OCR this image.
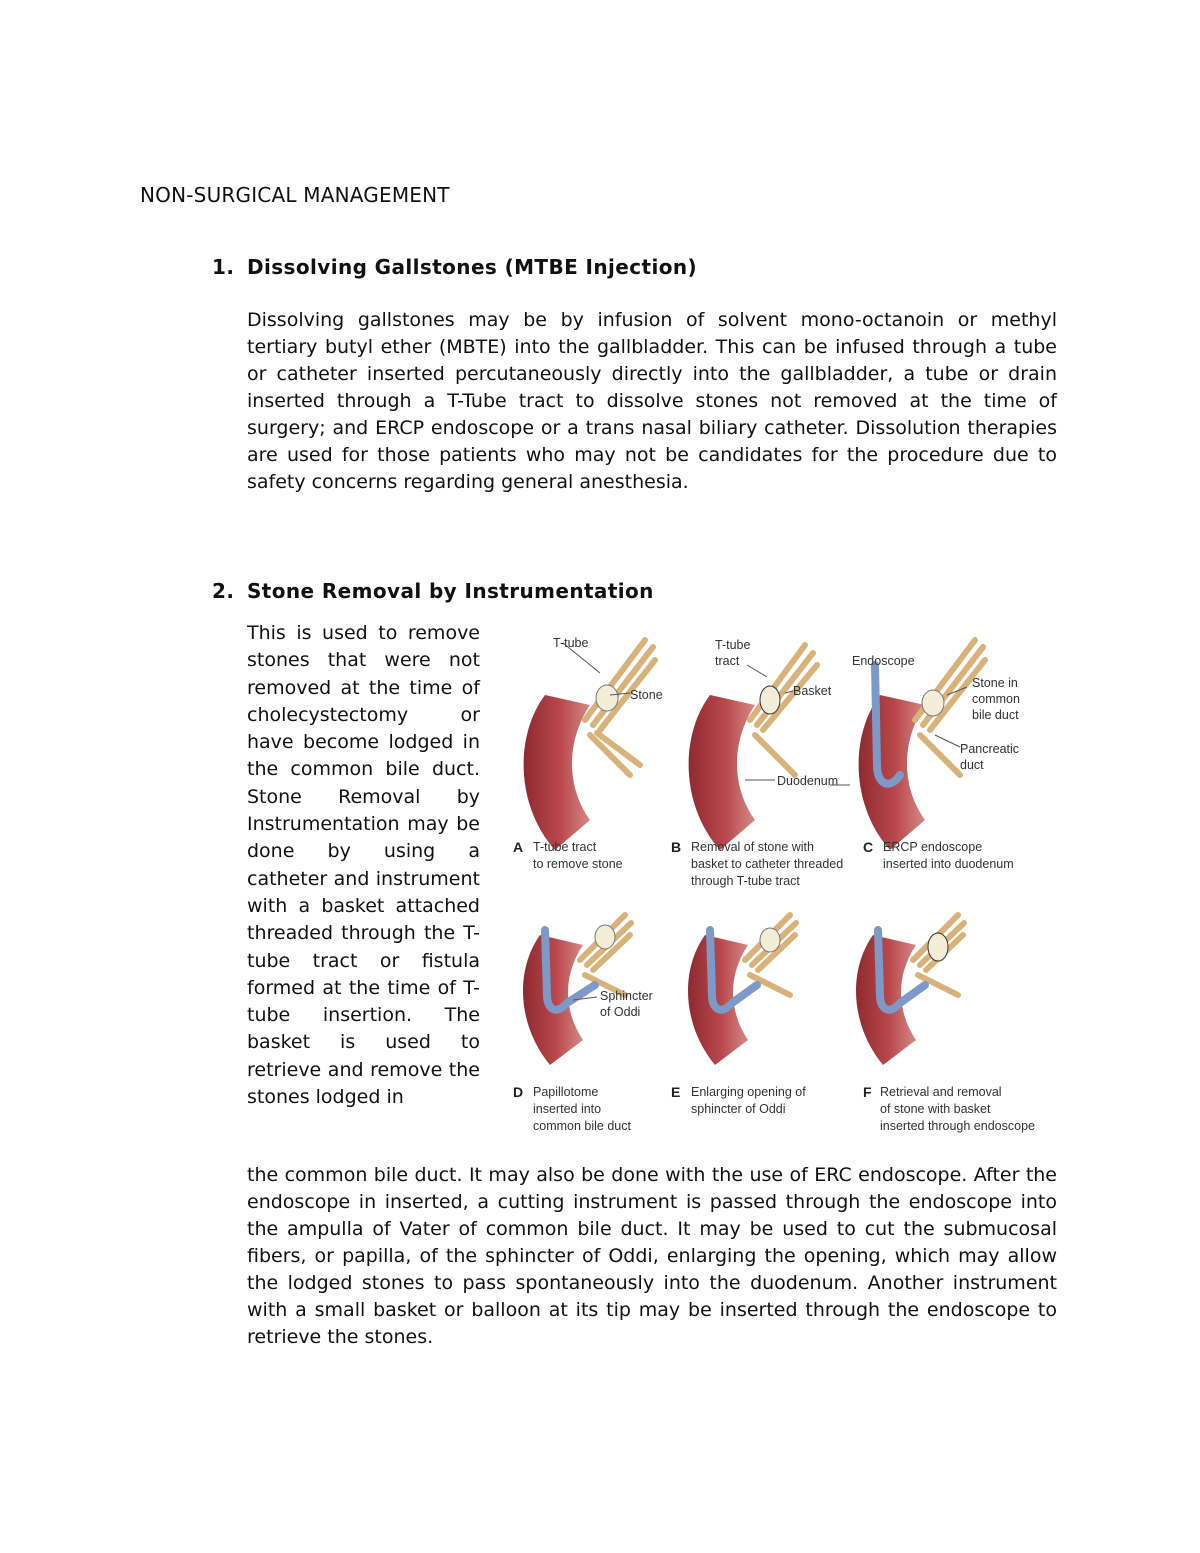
NON-SURGICAL MANAGEMENT
1. Dissolving Gallstones (MTBE Injection)

Dissolving gallstones may be by infusion of solvent mono-octanoin or methyl tertiary butyl ether (MBTE) into the gallbladder. This can be infused through a tube or catheter inserted percutaneously directly into the gallbladder, a tube or drain inserted through a T-Tube tract to dissolve stones not removed at the time of surgery; and ERCP endoscope or a trans nasal biliary catheter. Dissolution therapies are used for those patients who may not be candidates for the procedure due to safety concerns regarding general anesthesia.

2. Stone Removal by Instrumentation

This is used to remove stones that were not removed at the time of cholecystectomy or have become lodged in the common bile duct. Stone Removal by Instrumentation may be done by using a catheter and instrument with a basket attached threaded through the T-tube tract or fistula formed at the time of T-tube insertion. The basket is used to retrieve and remove the stones lodged in

T-tube
Stone
T-tube
tract
Basket
Duodenum
Endoscope
Stone in
common
bile duct
Pancreatic
duct
A T-tube tract
to remove stone
B Removal of stone with
basket to catheter threaded
through T-tube tract
C ERCP endoscope
inserted into duodenum
Sphincter
of Oddi
D Papillotome
inserted into
common bile duct
E Enlarging opening of
sphincter of Oddi
F Retrieval and removal
of stone with basket
inserted through endoscope

the common bile duct. It may also be done with the use of ERC endoscope. After the endoscope in inserted, a cutting instrument is passed through the endoscope into the ampulla of Vater of common bile duct. It may be used to cut the submucosal fibers, or papilla, of the sphincter of Oddi, enlarging the opening, which may allow the lodged stones to pass spontaneously into the duodenum. Another instrument with a small basket or balloon at its tip may be inserted through the endoscope to retrieve the stones.
